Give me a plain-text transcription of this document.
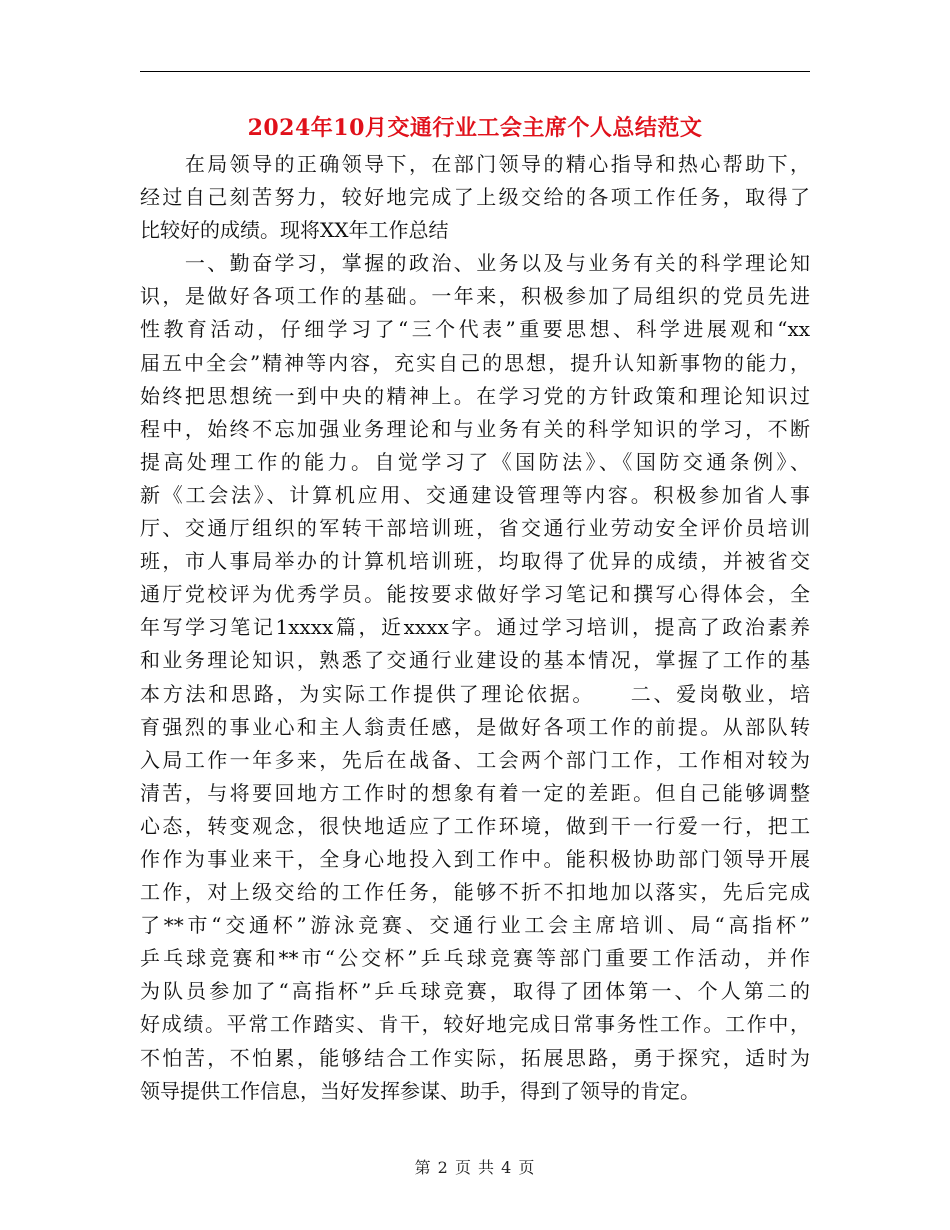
2024年10月交通行业工会主席个人总结范文
　　在局领导的正确领导下，在部门领导的精心指导和热心帮助下，
经过自己刻苦努力，较好地完成了上级交给的各项工作任务，取得了
比较好的成绩。现将XX年工作总结
　　一、勤奋学习，掌握的政治、业务以及与业务有关的科学理论知
识，是做好各项工作的基础。一年来，积极参加了局组织的党员先进
性教育活动，仔细学习了“三个代表”重要思想、科学进展观和“xx
届五中全会”精神等内容，充实自己的思想，提升认知新事物的能力，
始终把思想统一到中央的精神上。在学习党的方针政策和理论知识过
程中，始终不忘加强业务理论和与业务有关的科学知识的学习，不断
提高处理工作的能力。自觉学习了《国防法》、《国防交通条例》、
新《工会法》、计算机应用、交通建设管理等内容。积极参加省人事
厅、交通厅组织的军转干部培训班，省交通行业劳动安全评价员培训
班，市人事局举办的计算机培训班，均取得了优异的成绩，并被省交
通厅党校评为优秀学员。能按要求做好学习笔记和撰写心得体会，全
年写学习笔记1xxxx篇，近xxxx字。通过学习培训，提高了政治素养
和业务理论知识，熟悉了交通行业建设的基本情况，掌握了工作的基
本方法和思路，为实际工作提供了理论依据。　　二、爱岗敬业，培
育强烈的事业心和主人翁责任感，是做好各项工作的前提。从部队转
入局工作一年多来，先后在战备、工会两个部门工作，工作相对较为
清苦，与将要回地方工作时的想象有着一定的差距。但自己能够调整
心态，转变观念，很快地适应了工作环境，做到干一行爱一行，把工
作作为事业来干，全身心地投入到工作中。能积极协助部门领导开展
工作，对上级交给的工作任务，能够不折不扣地加以落实，先后完成
了**市“交通杯”游泳竞赛、交通行业工会主席培训、局“高指杯”
乒乓球竞赛和**市“公交杯”乒乓球竞赛等部门重要工作活动，并作
为队员参加了“高指杯”乒乓球竞赛，取得了团体第一、个人第二的
好成绩。平常工作踏实、肯干，较好地完成日常事务性工作。工作中，
不怕苦，不怕累，能够结合工作实际，拓展思路，勇于探究，适时为
领导提供工作信息，当好发挥参谋、助手，得到了领导的肯定。
第 2 页 共 4 页
